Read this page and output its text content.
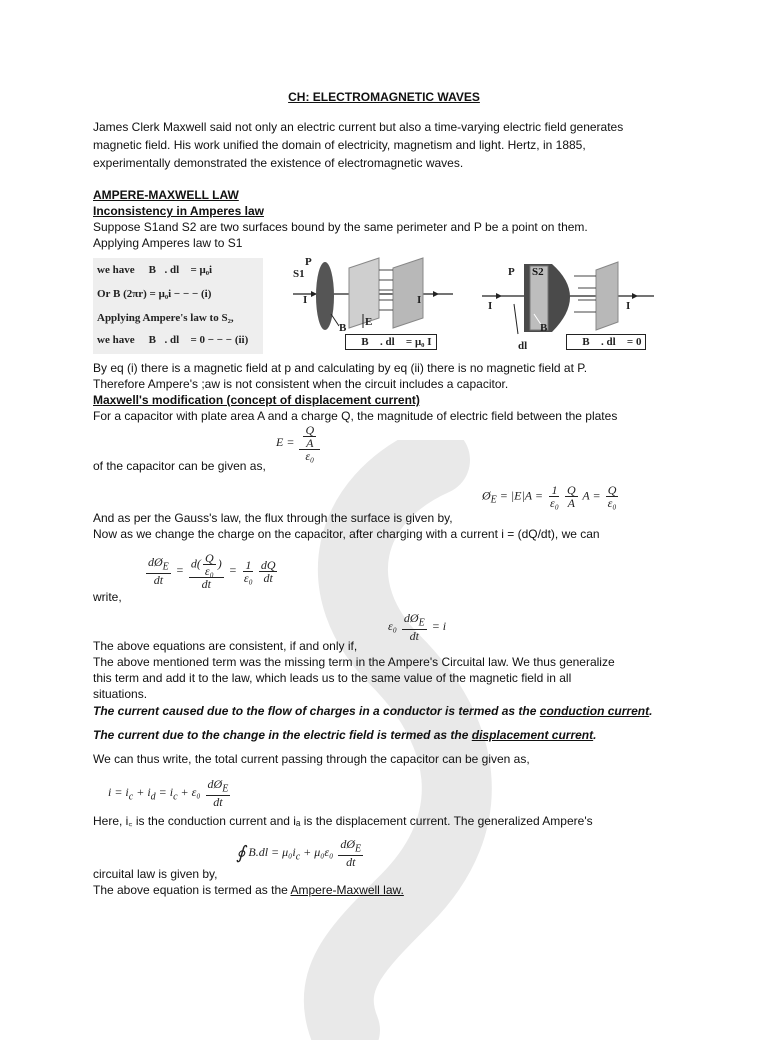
CH: ELECTROMAGNETIC WAVES
James Clerk Maxwell said not only an electric current but also a time-varying electric field generates
magnetic field. His work unified the domain of electricity, magnetism and light. Hertz, in 1885,
experimentally demonstrated the existence of electromagnetic waves.
AMPERE-MAXWELL LAW
Inconsistency in Amperes law
Suppose S1and S2 are two surfaces bound by the same perimeter and P be a point on them.
Applying Amperes law to S1
we have ∮ B⃗. dl⃗ = μ₀i
Or B (2πr) = μ₀i − − − (i)
Applying Ampere's law to S₂,
we have ∮ B⃗. dl⃗ = 0 − − − (ii)
P
S1
I	I
B E
∮ B⃗ . dl⃗ = μ₀ I
P S2
I	I
B
dl	∮ B⃗ . dl⃗ = 0
By eq (i) there is a magnetic field at p and calculating by eq (ii) there is no magnetic field at P.
Therefore Ampere's ;aw is not consistent when the circuit includes a capacitor.
Maxwell's modification (concept of displacement current)
For a capacitor with plate area A and a charge Q, the magnitude of electric field between the plates
$E = \frac{\frac{Q}{A}}{\text{ε₀}}$
of the capacitor can be given as,
$Ø_E = |E|A = \frac{1}{\text{ε₀}} \frac{Q}{A}$ $A = \frac{Q}{\text{ε₀}}$
And as per the Gauss's law, the flux through the surface is given by,
Now as we change the charge on the capacitor, after charging with a current i = (dQ/dt), we can
$\frac{dØ_E}{dt} = \frac{d( \frac{Q}{\text{ε₀}} )}{dt} = \frac{1}{\text{ε₀}} \frac{dQ}{dt}$
write,
$\varepsilon_0 \frac{dØ_E}{dt} = i$
The above equations are consistent, if and only if,
The above mentioned term was the missing term in the Ampere's Circuital law. We thus generalize
this term and add it to the law, which leads us to the same value of the magnetic field in all
situations.
The current caused due to the flow of charges in a conductor is termed as the conduction current.
The current due to the change in the electric field is termed as the displacement current.
We can thus write, the total current passing through the capacitor can be given as,
$i = i_c + i_d = i_c + \varepsilon_0 \frac{dØ_E}{dt}$
Here, i꜀ is the conduction current and iₐ is the displacement current. The generalized Ampere's
∮ $B.dl = \mu_0i_c + \mu_0\varepsilon_0 \frac{dØ_E}{dt}$
circuital law is given by,
The above equation is termed as the Ampere-Maxwell law.
